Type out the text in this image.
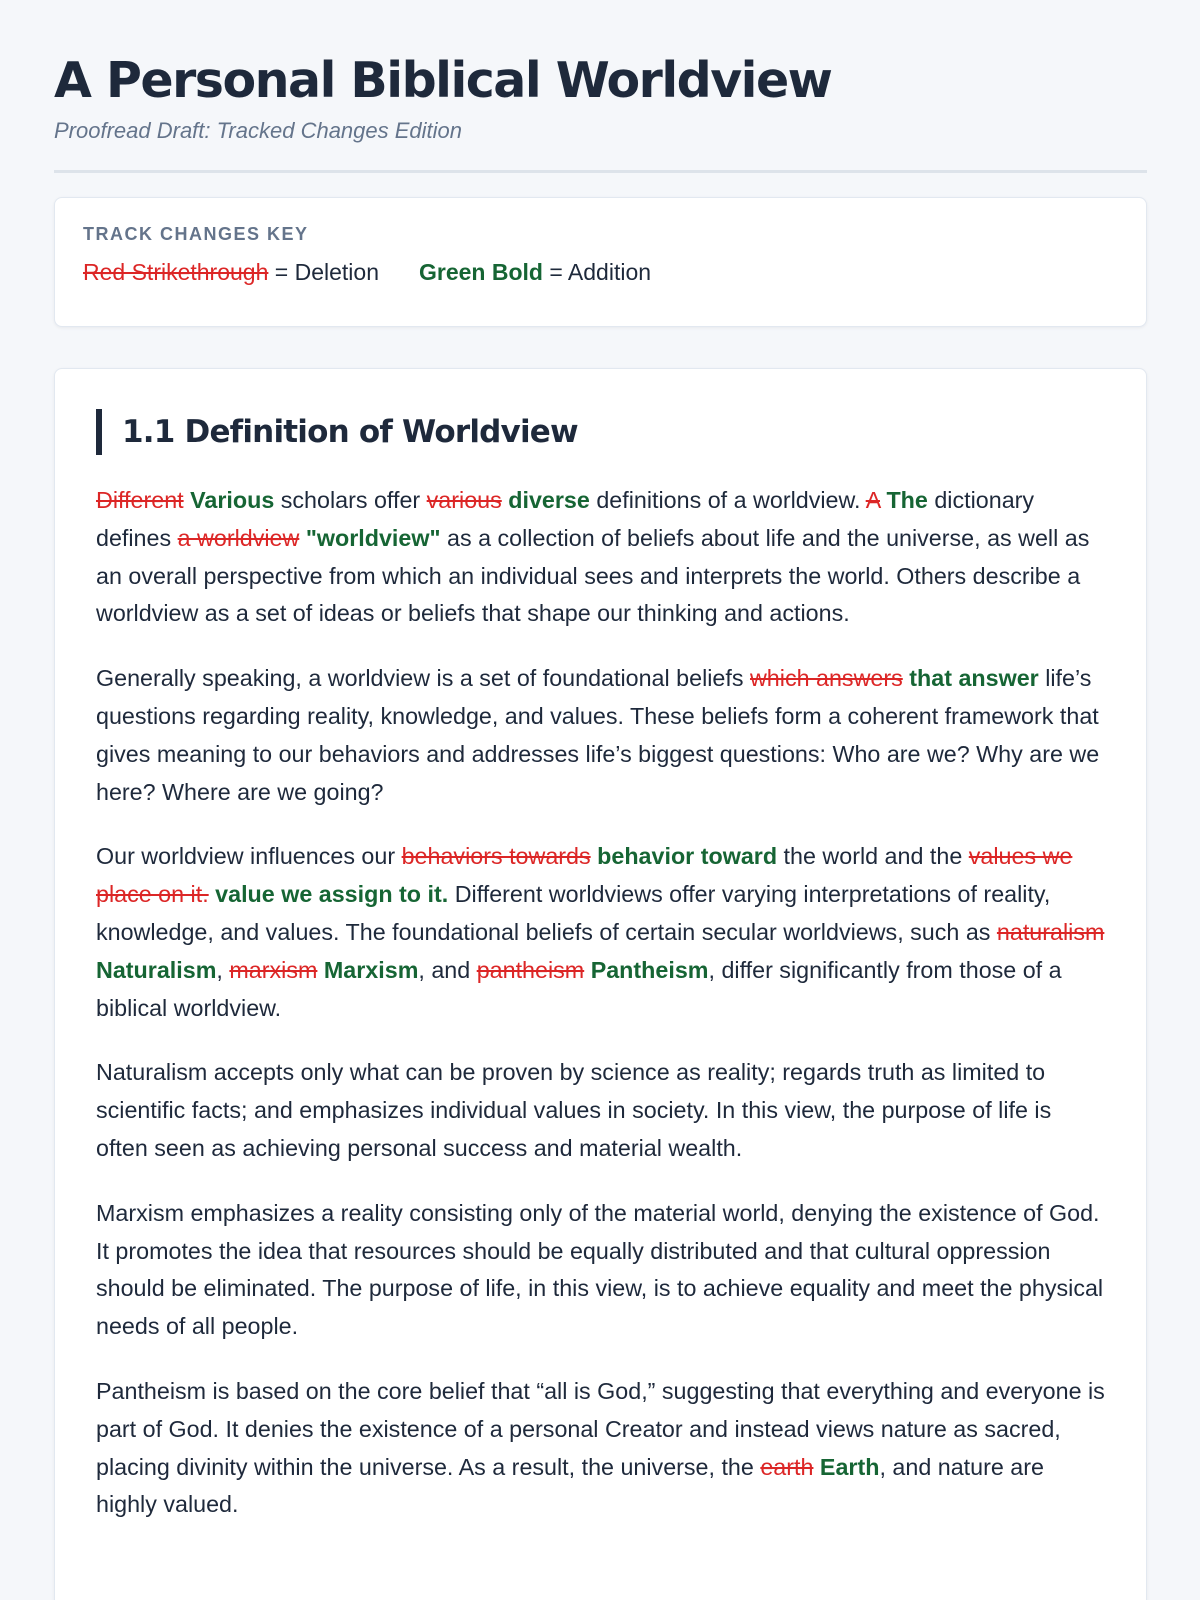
A Personal Biblical Worldview
Proofread Draft: Tracked Changes Edition
TRACK CHANGES KEY
Red Strikethrough = Deletion Green Bold = Addition
1.1 Definition of Worldview

Different Various scholars offer various diverse definitions of a worldview. A The dictionary defines a worldview "worldview" as a collection of beliefs about life and the universe, as well as an overall perspective from which an individual sees and interprets the world. Others describe a worldview as a set of ideas or beliefs that shape our thinking and actions.

Generally speaking, a worldview is a set of foundational beliefs which answers that answer life’s questions regarding reality, knowledge, and values. These beliefs form a coherent framework that gives meaning to our behaviors and addresses life’s biggest questions: Who are we? Why are we here? Where are we going?

Our worldview influences our behaviors towards behavior toward the world and the values we place on it. value we assign to it. Different worldviews offer varying interpretations of reality, knowledge, and values. The foundational beliefs of certain secular worldviews, such as naturalism Naturalism, marxism Marxism, and pantheism Pantheism, differ significantly from those of a biblical worldview.

Naturalism accepts only what can be proven by science as reality; regards truth as limited to scientific facts; and emphasizes individual values in society. In this view, the purpose of life is often seen as achieving personal success and material wealth.

Marxism emphasizes a reality consisting only of the material world, denying the existence of God. It promotes the idea that resources should be equally distributed and that cultural oppression should be eliminated. The purpose of life, in this view, is to achieve equality and meet the physical needs of all people.

Pantheism is based on the core belief that “all is God,” suggesting that everything and everyone is part of God. It denies the existence of a personal Creator and instead views nature as sacred, placing divinity within the universe. As a result, the universe, the earth Earth, and nature are highly valued.
